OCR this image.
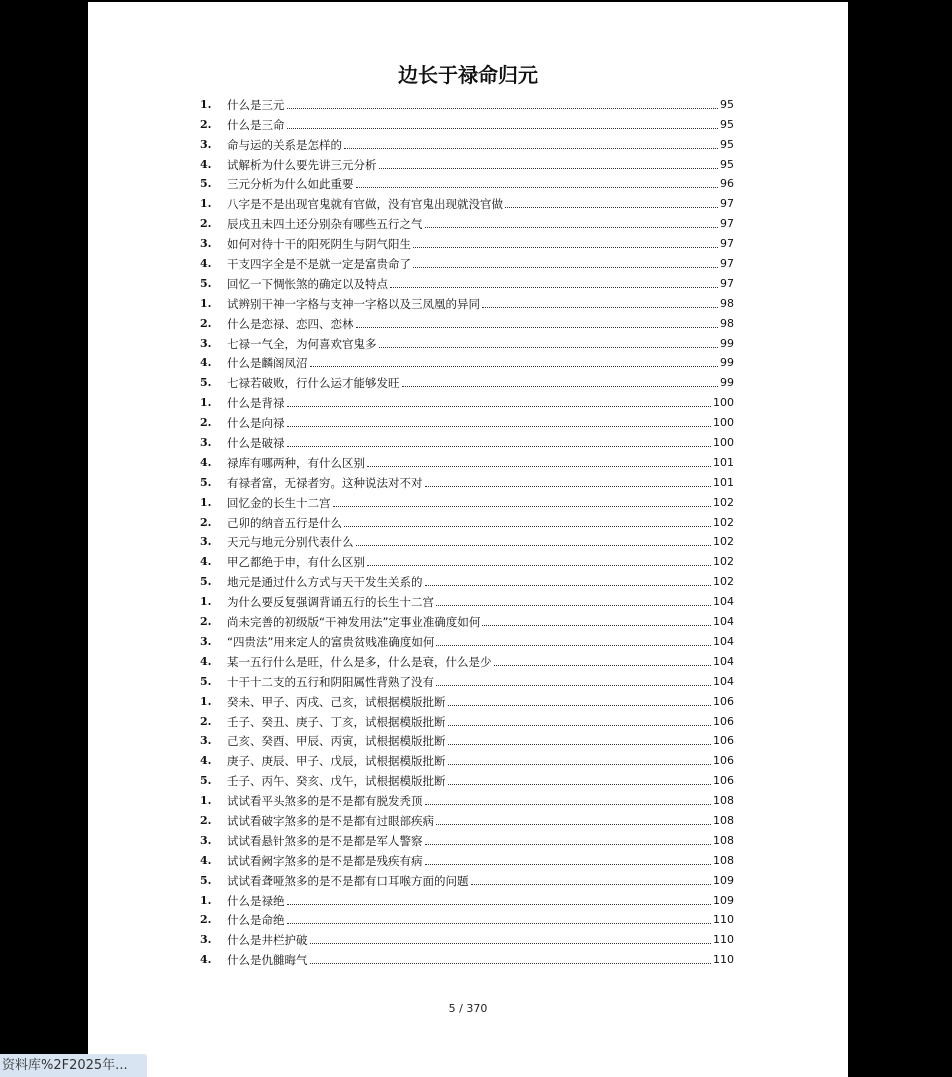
边长于禄命归元
1.	什么是三元	95
2.	什么是三命	95
3.	命与运的关系是怎样的	95
4.	试解析为什么要先讲三元分析	95
5.	三元分析为什么如此重要	96
1.	八字是不是出现官鬼就有官做，没有官鬼出现就没官做	97
2.	辰戌丑未四土还分别杂有哪些五行之气	97
3.	如何对待十干的阳死阴生与阴气阳生	97
4.	干支四字全是不是就一定是富贵命了	97
5.	回忆一下惆怅煞的确定以及特点	97
1.	试辨别干神一字格与支神一字格以及三凤凰的异同	98
2.	什么是恋禄、恋四、恋林	98
3.	七禄一气全，为何喜欢官鬼多	99
4.	什么是麟阁凤沼	99
5.	七禄若破败，行什么运才能够发旺	99
1.	什么是背禄	100
2.	什么是向禄	100
3.	什么是破禄	100
4.	禄库有哪两种，有什么区别	101
5.	有禄者富，无禄者穷。这种说法对不对	101
1.	回忆金的长生十二宫	102
2.	己卯的纳音五行是什么	102
3.	天元与地元分别代表什么	102
4.	甲乙都绝于申，有什么区别	102
5.	地元是通过什么方式与天干发生关系的	102
1.	为什么要反复强调背诵五行的长生十二宫	104
2.	尚未完善的初级版“干神发用法”定事业准确度如何	104
3.	“四贵法”用来定人的富贵贫贱准确度如何	104
4.	某一五行什么是旺，什么是多，什么是衰，什么是少	104
5.	十干十二支的五行和阴阳属性背熟了没有	104
1.	癸未、甲子、丙戌、己亥，试根据模版批断	106
2.	壬子、癸丑、庚子、丁亥，试根据模版批断	106
3.	己亥、癸酉、甲辰、丙寅，试根据模版批断	106
4.	庚子、庚辰、甲子、戊辰，试根据模版批断	106
5.	壬子、丙午、癸亥、戊午，试根据模版批断	106
1.	试试看平头煞多的是不是都有脱发秃顶	108
2.	试试看破字煞多的是不是都有过眼部疾病	108
3.	试试看悬针煞多的是不是都是军人警察	108
4.	试试看阙字煞多的是不是都是残疾有病	108
5.	试试看聋哑煞多的是不是都有口耳喉方面的问题	109
1.	什么是禄绝	109
2.	什么是命绝	110
3.	什么是井栏护破	110
4.	什么是仇雠晦气	110
5 / 370
资料库%2F2025年...
